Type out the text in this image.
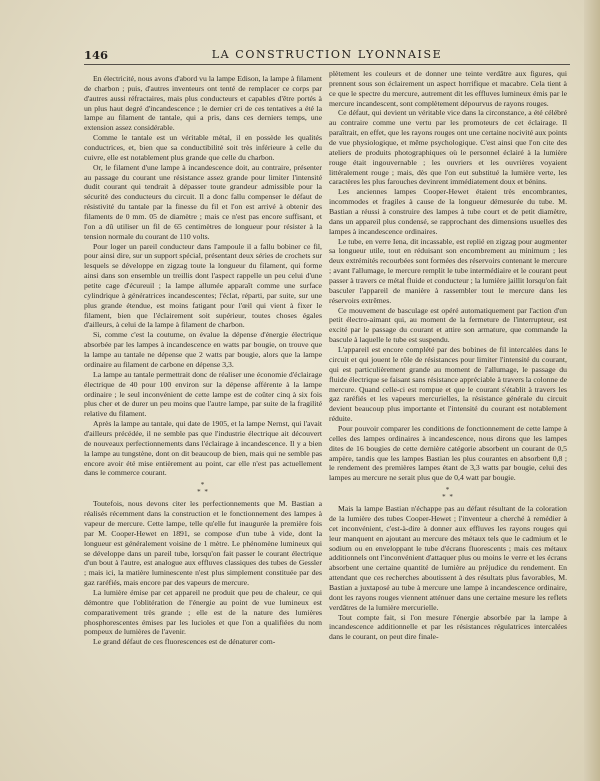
146	LA CONSTRUCTION LYONNAISE

En électricité, nous avons d'abord vu la lampe Edison, la lampe à filament de charbon ; puis, d'autres inventeurs ont tenté de remplacer ce corps par d'autres aussi réfractaires, mais plus conducteurs et capables d'être portés à un plus haut degré d'incandescence ; le dernier cri de ces tentatives a été la lampe au filament de tantale, qui a pris, dans ces derniers temps, une extension assez considérable.

Comme le tantale est un véritable métal, il en possède les qualités conductrices, et, bien que sa conductibilité soit très inférieure à celle du cuivre, elle est notablement plus grande que celle du charbon.

Or, le filament d'une lampe à incandescence doit, au contraire, présenter au passage du courant une résistance assez grande pour limiter l'intensité dudit courant qui tendrait à dépasser toute grandeur admissible pour la sécurité des conducteurs du circuit. Il a donc fallu compenser le défaut de résistivité du tantale par la finesse du fil et l'on est arrivé à obtenir des filaments de 0 mm. 05 de diamètre ; mais ce n'est pas encore suffisant, et l'on a dû utiliser un fil de 65 centimètres de longueur pour résister à la tension normale du courant de 110 volts.

Pour loger un pareil conducteur dans l'ampoule il a fallu bobiner ce fil, pour ainsi dire, sur un support spécial, présentant deux séries de crochets sur lesquels se développe en zigzag toute la longueur du filament, qui forme ainsi dans son ensemble un treillis dont l'aspect rappelle un peu celui d'une petite cage d'écureuil ; la lampe allumée apparaît comme une surface cylindrique à génératrices incandescentes; l'éclat, réparti, par suite, sur une plus grande étendue, est moins fatigant pour l'œil qui vient à fixer le filament, bien que l'éclairement soit supérieur, toutes choses égales d'ailleurs, à celui de la lampe à filament de charbon.

Si, comme c'est la coutume, on évalue la dépense d'énergie électrique absorbée par les lampes à incandescence en watts par bougie, on trouve que la lampe au tantale ne dépense que 2 watts par bougie, alors que la lampe ordinaire au filament de carbone en dépense 3,3.

La lampe au tantale permettrait donc de réaliser une économie d'éclairage électrique de 40 pour 100 environ sur la dépense afférente à la lampe ordinaire ; le seul inconvénient de cette lampe est de coûter cinq à six fois plus cher et de durer un peu moins que l'autre lampe, par suite de la fragilité relative du filament.

Après la lampe au tantale, qui date de 1905, et la lampe Nernst, qui l'avait d'ailleurs précédée, il ne semble pas que l'industrie électrique ait découvert de nouveaux perfectionnements dans l'éclairage à incandescence. Il y a bien la lampe au tungstène, dont on dit beaucoup de bien, mais qui ne semble pas encore avoir été mise entièrement au point, car elle n'est pas actuellement dans le commerce courant.

*
* *

Toutefois, nous devons citer les perfectionnements que M. Bastian a réalisés récemment dans la construction et le fonctionnement des lampes à vapeur de mercure. Cette lampe, telle qu'elle fut inaugurée la première fois par M. Cooper-Hewet en 1891, se compose d'un tube à vide, dont la longueur est généralement voisine de 1 mètre. Le phénomène lumineux qui se développe dans un pareil tube, lorsqu'on fait passer le courant électrique d'un bout à l'autre, est analogue aux effluves classiques des tubes de Gessler ; mais ici, la matière luminescente n'est plus simplement constituée par des gaz raréfiés, mais encore par des vapeurs de mercure.

La lumière émise par cet appareil ne produit que peu de chaleur, ce qui démontre que l'oblitération de l'énergie au point de vue lumineux est comparativement très grande ; elle est de la nature des lumières phosphorescentes émises par les lucioles et que l'on a qualifiées du nom pompeux de lumières de l'avenir.

Le grand défaut de ces fluorescences est de dénaturer com-

plètement les couleurs et de donner une teinte verdâtre aux figures, qui prennent sous son éclairement un aspect horrifique et macabre. Cela tient à ce que le spectre du mercure, autrement dit les effluves lumineux émis par le mercure incandescent, sont complètement dépourvus de rayons rouges.

Ce défaut, qui devient un véritable vice dans la circonstance, a été célébré au contraire comme une vertu par les promoteurs de cet éclairage. Il paraîtrait, en effet, que les rayons rouges ont une certaine nocivité aux points de vue physiologique, et même psychologique. C'est ainsi que l'on cite des ateliers de produits photographiques où le personnel éclairé à la lumière rouge était ingouvernable ; les ouvriers et les ouvrières voyaient littéralement rouge ; mais, dès que l'on eut substitué la lumière verte, les caractères les plus farouches devinrent immédiatement doux et bénins.

Les anciennes lampes Cooper-Hewet étaient très encombrantes, incommodes et fragiles à cause de la longueur démesurée du tube. M. Bastian a réussi à construire des lampes à tube court et de petit diamètre, dans un appareil plus condensé, se rapprochant des dimensions usuelles des lampes à incandescence ordinaires.

Le tube, en verre Iena, dit incassable, est replié en zigzag pour augmenter sa longueur utile, tout en réduisant son encombrement au minimum ; les deux extrémités recourbées sont formées des réservoirs contenant le mercure ; avant l'allumage, le mercure remplit le tube intermédiaire et le courant peut passer à travers ce métal fluide et conducteur ; la lumière jaillit lorsqu'on fait basculer l'appareil de manière à rassembler tout le mercure dans les réservoirs extrêmes.

Ce mouvement de basculage est opéré automatiquement par l'action d'un petit électro-aimant qui, au moment de la fermeture de l'interrupteur, est excité par le passage du courant et attire son armature, que commande la bascule à laquelle le tube est suspendu.

L'appareil est encore complété par des bobines de fil intercalées dans le circuit et qui jouent le rôle de résistances pour limiter l'intensité du courant, qui est particulièrement grande au moment de l'allumage, le passage du fluide électrique se faisant sans résistance appréciable à travers la colonne de mercure. Quand celle-ci est rompue et que le courant s'établit à travers les gaz raréfiés et les vapeurs mercurielles, la résistance générale du circuit devient beaucoup plus importante et l'intensité du courant est notablement réduite.

Pour pouvoir comparer les conditions de fonctionnement de cette lampe à celles des lampes ordinaires à incandescence, nous dirons que les lampes dites de 16 bougies de cette dernière catégorie absorbent un courant de 0,5 ampère, tandis que les lampes Bastian les plus courantes en absorbent 0,8 ; le rendement des premières lampes étant de 3,3 watts par bougie, celui des lampes au mercure ne serait plus que de 0,4 watt par bougie.

*
* *

Mais la lampe Bastian n'échappe pas au défaut résultant de la coloration de la lumière des tubes Cooper-Hewet ; l'inventeur a cherché à remédier à cet inconvénient, c'est-à-dire à donner aux effluves les rayons rouges qui leur manquent en ajoutant au mercure des métaux tels que le cadmium et le sodium ou en enveloppant le tube d'écrans fluorescents ; mais ces métaux additionnels ont l'inconvénient d'attaquer plus ou moins le verre et les écrans absorbent une certaine quantité de lumière au préjudice du rendement. En attendant que ces recherches aboutissent à des résultats plus favorables, M. Bastian a juxtaposé au tube à mercure une lampe à incandescence ordinaire, dont les rayons rouges viennent atténuer dans une certaine mesure les reflets verdâtres de la lumière mercurielle.

Tout compte fait, si l'on mesure l'énergie absorbée par la lampe à incandescence additionnelle et par les résistances régulatrices intercalées dans le courant, on peut dire finale-
